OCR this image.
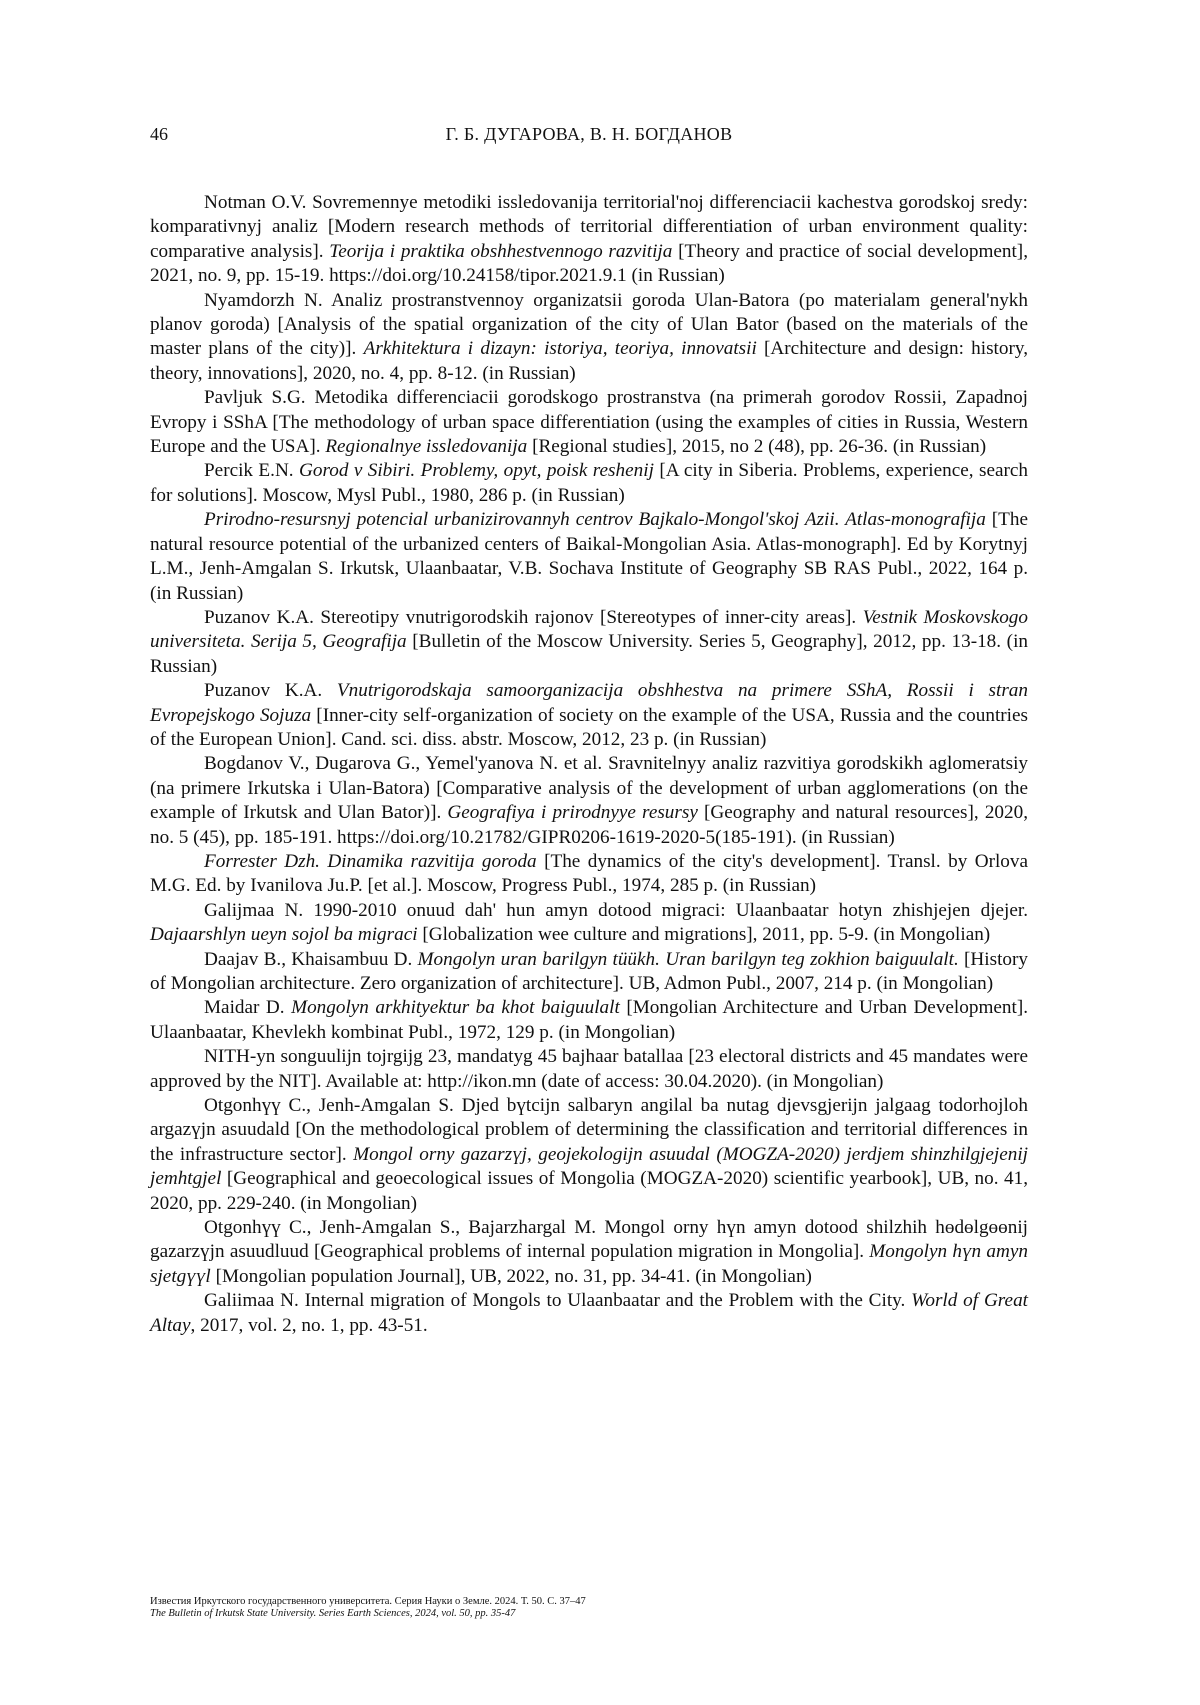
46	Г. Б. ДУГАРОВА, В. Н. БОГДАНОВ

Notman O.V. Sovremennye metodiki issledovanija territorial'noj differenciacii kachestva gorodskoj sredy: komparativnyj analiz [Modern research methods of territorial differentiation of urban environment quality: comparative analysis]. Teorija i praktika obshhestvennogo razvitija [Theory and practice of social development], 2021, no. 9, pp. 15-19. https://doi.org/10.24158/tipor.2021.9.1 (in Russian)

Nyamdorzh N. Analiz prostranstvennoy organizatsii goroda Ulan-Batora (po materialam general'nykh planov goroda) [Analysis of the spatial organization of the city of Ulan Bator (based on the materials of the master plans of the city)]. Arkhitektura i dizayn: istoriya, teoriya, innovatsii [Architecture and design: history, theory, innovations], 2020, no. 4, pp. 8-12. (in Russian)

Pavljuk S.G. Metodika differenciacii gorodskogo prostranstva (na primerah gorodov Rossii, Zapadnoj Evropy i SShA [The methodology of urban space differentiation (using the examples of cities in Russia, Western Europe and the USA]. Regionalnye issledovanija [Regional studies], 2015, no 2 (48), pp. 26-36. (in Russian)

Percik E.N. Gorod v Sibiri. Problemy, opyt, poisk reshenij [A city in Siberia. Problems, experience, search for solutions]. Moscow, Mysl Publ., 1980, 286 p. (in Russian)

Prirodno-resursnyj potencial urbanizirovannyh centrov Bajkalo-Mongol'skoj Azii. Atlas-monografija [The natural resource potential of the urbanized centers of Baikal-Mongolian Asia. Atlas-monograph]. Ed by Korytnyj L.M., Jenh-Amgalan S. Irkutsk, Ulaanbaatar, V.B. Sochava Institute of Geography SB RAS Publ., 2022, 164 p. (in Russian)

Puzanov K.A. Stereotipy vnutrigorodskih rajonov [Stereotypes of inner-city areas]. Vestnik Moskovskogo universiteta. Serija 5, Geografija [Bulletin of the Moscow University. Series 5, Geography], 2012, pp. 13-18. (in Russian)

Puzanov K.A. Vnutrigorodskaja samoorganizacija obshhestva na primere SShA, Rossii i stran Evropejskogo Sojuza [Inner-city self-organization of society on the example of the USA, Russia and the countries of the European Union]. Cand. sci. diss. abstr. Moscow, 2012, 23 p. (in Russian)

Bogdanov V., Dugarova G., Yemel'yanova N. et al. Sravnitelnyy analiz razvitiya gorodskikh aglomeratsiy (na primere Irkutska i Ulan-Batora) [Comparative analysis of the development of urban agglomerations (on the example of Irkutsk and Ulan Bator)]. Geografiya i prirodnyye resursy [Geography and natural resources], 2020, no. 5 (45), pp. 185-191. https://doi.org/10.21782/GIPR0206-1619-2020-5(185-191). (in Russian)

Forrester Dzh. Dinamika razvitija goroda [The dynamics of the city's development]. Transl. by Orlova M.G. Ed. by Ivanilova Ju.P. [et al.]. Moscow, Progress Publ., 1974, 285 p. (in Russian)

Galijmaa N. 1990-2010 onuud dah' hun amyn dotood migraci: Ulaanbaatar hotyn zhishjejen djejer. Dajaarshlyn ueyn sojol ba migraci [Globalization wee culture and migrations], 2011, pp. 5-9. (in Mongolian)

Daajav B., Khaisambuu D. Mongolyn uran barilgyn tüükh. Uran barilgyn teg zokhion baiguulalt. [History of Mongolian architecture. Zero organization of architecture]. UB, Admon Publ., 2007, 214 p. (in Mongolian)

Maidar D. Mongolyn arkhityektur ba khot baiguulalt [Mongolian Architecture and Urban Development]. Ulaanbaatar, Khevlekh kombinat Publ., 1972, 129 p. (in Mongolian)

NITH-yn songuulijn tojrgijg 23, mandatyg 45 bajhaar batallaa [23 electoral districts and 45 mandates were approved by the NIT]. Available at: http://ikon.mn (date of access: 30.04.2020). (in Mongolian)

Otgonhүү C., Jenh-Amgalan S. Djed bүtcijn salbaryn angilal ba nutag djevsgjerijn jalgaag todorhojloh argazүjn asuudald [On the methodological problem of determining the classification and territorial differences in the infrastructure sector]. Mongol orny gazarzүj, geojekologijn asuudal (MOGZA-2020) jerdjem shinzhilgjejenij jemhtgjel [Geographical and geoecological issues of Mongolia (MOGZA-2020) scientific yearbook], UB, no. 41, 2020, pp. 229-240. (in Mongolian)

Otgonhүү C., Jenh-Amgalan S., Bajarzhargal M. Mongol orny hүn amyn dotood shilzhih hөdөlgөөnij gazarzүjn asuudluud [Geographical problems of internal population migration in Mongolia]. Mongolyn hүn amyn sjetgүүl [Mongolian population Journal], UB, 2022, no. 31, pp. 34-41. (in Mongolian)

Galiimaa N. Internal migration of Mongols to Ulaanbaatar and the Problem with the City. World of Great Altay, 2017, vol. 2, no. 1, pp. 43-51.

Известия Иркутского государственного университета. Серия Науки о Земле. 2024. Т. 50. С. 37–47
The Bulletin of Irkutsk State University. Series Earth Sciences, 2024, vol. 50, pp. 35-47
